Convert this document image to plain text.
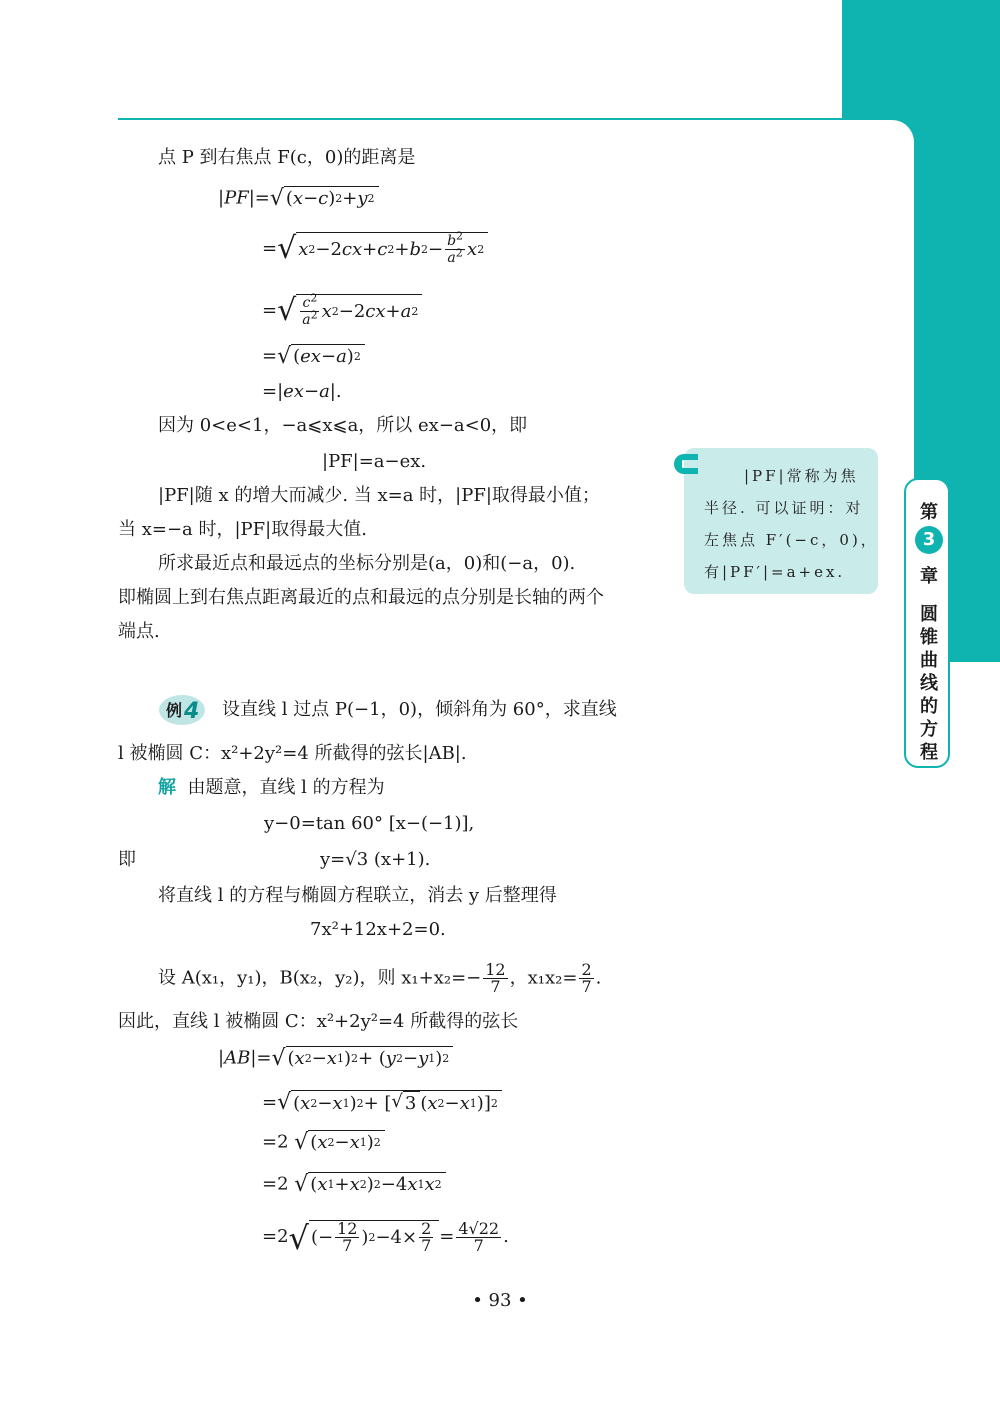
点 P 到右焦点 F(c，0)的距离是
|PF|= √ ( x − c ) 2 + y 2
= √ x 2 −2 cx + c 2 + b $2 - \frac{b^2}{a^2}$ x 2
= √ $\frac{c^2}{a^2}$ x 2 −2 cx + a 2
= √ ( ex − a ) 2
=|ex−a|.
因为 0<e<1，−a⩽x⩽a，所以 ex−a<0，即
|PF|=a−ex.
|PF|随 x 的增大而减少. 当 x=a 时，|PF|取得最小值；
当 x=−a 时，|PF|取得最大值.
所求最近点和最远点的坐标分别是(a，0)和(−a，0).
即椭圆上到右焦点距离最近的点和最远的点分别是长轴的两个
端点.
例 4 设直线 l 过点 P(−1，0)，倾斜角为 60°，求直线
l 被椭圆 C：x²+2y²=4 所截得的弦长|AB|.
解 由题意，直线 l 的方程为
y−0=tan 60° [x−(−1)],
即	y=√3 (x+1).
将直线 l 的方程与椭圆方程联立，消去 y 后整理得
7x²+12x+2=0.
设 A(x₁，y₁)，B(x₂，y₂)，则 $x_1+x_2=- \frac{12}{7}$ ，$x_1x_2= \frac{2}{7}$ .
因此，直线 l 被椭圆 C：x²+2y²=4 所截得的弦长
|AB|= √ ( x 2 − x 1 ) 2 + ( y 2 − y 1 ) 2
= √ ( x 2 − x 1 ) 2 + [ √ 3 ( x 2 − x 1 )] 2
=2 √ ( x 2 − x 1 ) 2
=2 √ ( x 1 + x 2 ) 2 −4 x 1 x 2
=2 √ (− $\frac{12}{7}$ ) $2 -4\times \frac{2}{7} = \frac{4√22}{7}$ .
|PF|常称为焦
半径. 可以证明：对
左焦点 F′(−c，0)，
有|PF′|=a+ex.
第
3
章
圆
锥
曲
线
的
方
程
• 93 •
